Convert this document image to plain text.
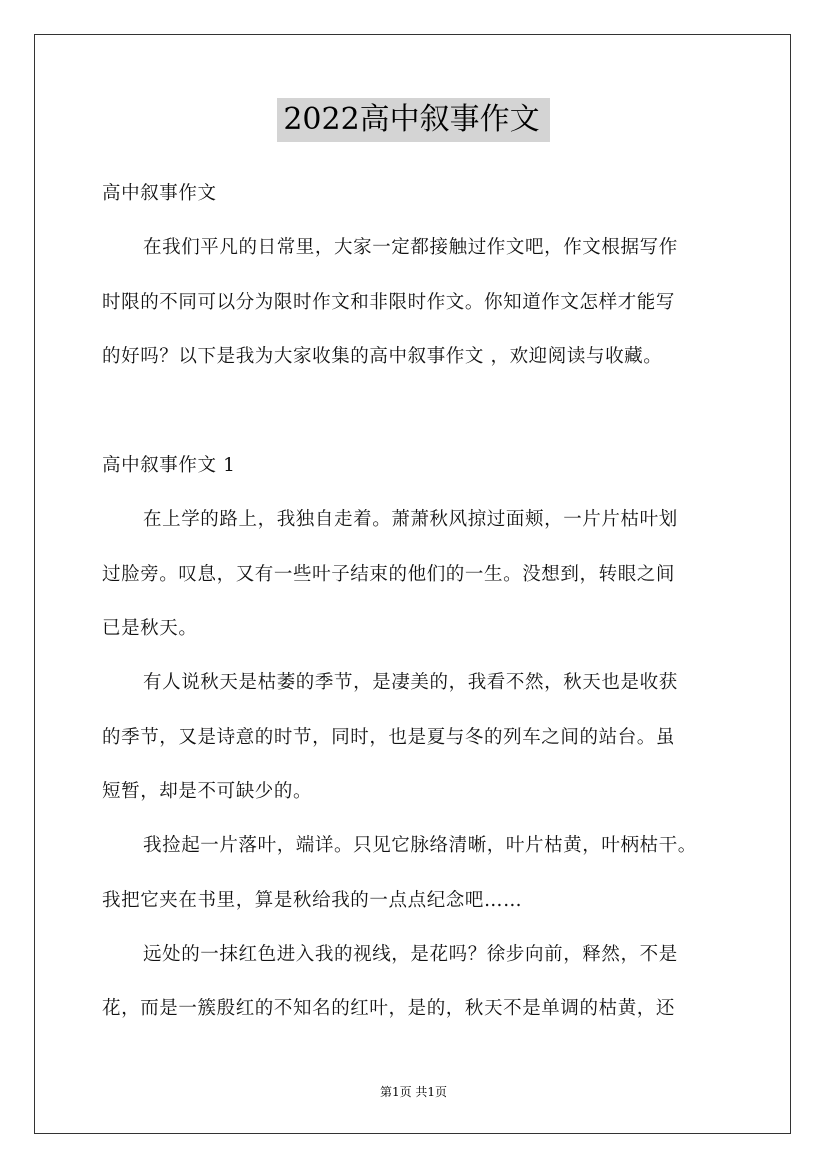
2022高中叙事作文
高中叙事作文
在我们平凡的日常里，大家一定都接触过作文吧，作文根据写作
时限的不同可以分为限时作文和非限时作文。你知道作文怎样才能写
的好吗？以下是我为大家收集的高中叙事作文 ，欢迎阅读与收藏。
高中叙事作文 1
在上学的路上，我独自走着。萧萧秋风掠过面颊，一片片枯叶划
过脸旁。叹息，又有一些叶子结束的他们的一生。没想到，转眼之间
已是秋天。
有人说秋天是枯萎的季节，是凄美的，我看不然，秋天也是收获
的季节，又是诗意的时节，同时，也是夏与冬的列车之间的站台。虽
短暂，却是不可缺少的。
我捡起一片落叶，端详。只见它脉络清晰，叶片枯黄，叶柄枯干。
我把它夹在书里，算是秋给我的一点点纪念吧……
远处的一抹红色进入我的视线，是花吗？徐步向前，释然，不是
花，而是一簇殷红的不知名的红叶，是的，秋天不是单调的枯黄，还
第1页 共1页
